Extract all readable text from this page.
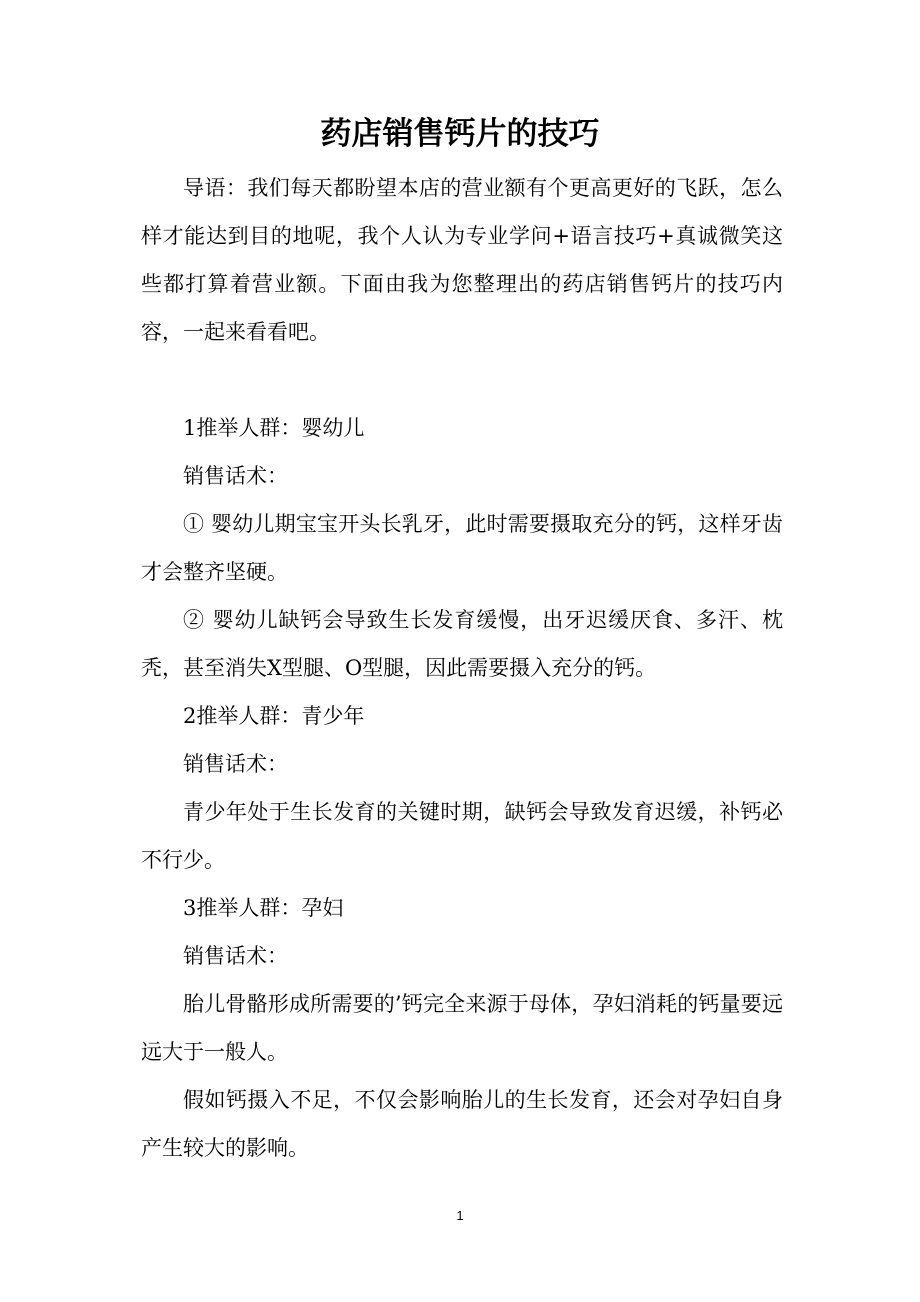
药店销售钙片的技巧

导语：我们每天都盼望本店的营业额有个更高更好的飞跃，怎么样才能达到目的地呢，我个人认为专业学问+语言技巧+真诚微笑这些都打算着营业额。下面由我为您整理出的药店销售钙片的技巧内容，一起来看看吧。

1推举人群：婴幼儿

销售话术：

① 婴幼儿期宝宝开头长乳牙，此时需要摄取充分的钙，这样牙齿才会整齐坚硬。

② 婴幼儿缺钙会导致生长发育缓慢，出牙迟缓厌食、多汗、枕秃，甚至消失X型腿、O型腿，因此需要摄入充分的钙。

2推举人群：青少年

销售话术：

青少年处于生长发育的关键时期，缺钙会导致发育迟缓，补钙必不行少。

3推举人群：孕妇

销售话术：

胎儿骨骼形成所需要的’钙完全来源于母体，孕妇消耗的钙量要远远大于一般人。

假如钙摄入不足，不仅会影响胎儿的生长发育，还会对孕妇自身产生较大的影响。

1
